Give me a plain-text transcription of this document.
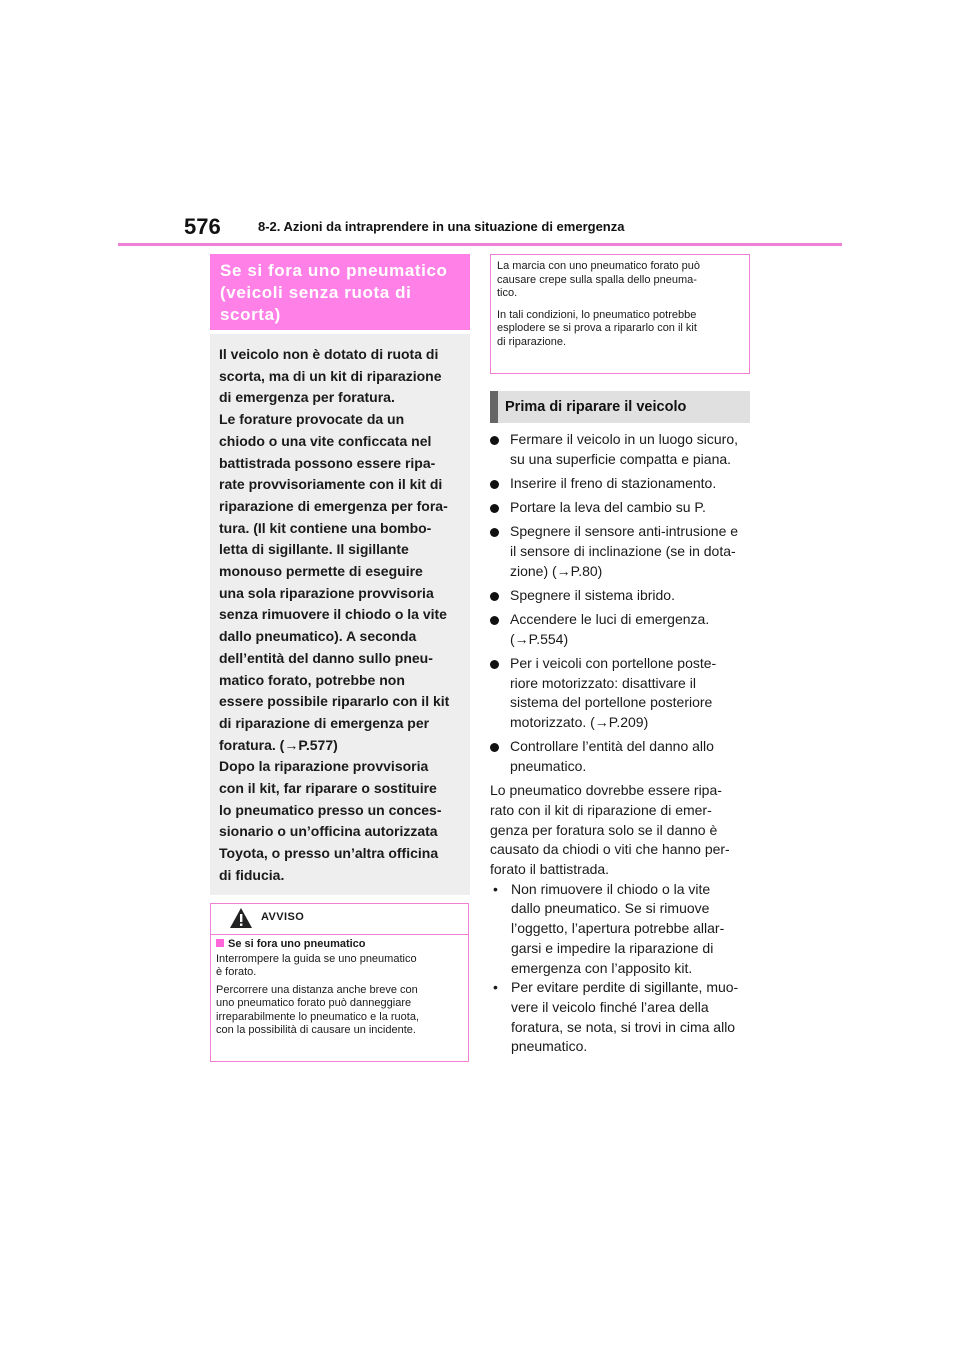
576	8-2. Azioni da intraprendere in una situazione di emergenza
Se si fora uno pneumatico
(veicoli senza ruota di
scorta)
Il veicolo non è dotato di ruota di
scorta, ma di un kit di riparazione
di emergenza per foratura.
Le forature provocate da un
chiodo o una vite conficcata nel
battistrada possono essere ripa-
rate provvisoriamente con il kit di
riparazione di emergenza per fora-
tura. (Il kit contiene una bombo-
letta di sigillante. Il sigillante
monouso permette di eseguire
una sola riparazione provvisoria
senza rimuovere il chiodo o la vite
dallo pneumatico). A seconda
dell’entità del danno sullo pneu-
matico forato, potrebbe non
essere possibile ripararlo con il kit
di riparazione di emergenza per
foratura. (→P.577)
Dopo la riparazione provvisoria
con il kit, far riparare o sostituire
lo pneumatico presso un conces-
sionario o un’officina autorizzata
Toyota, o presso un’altra officina
di fiducia.
AVVISO
Se si fora uno pneumatico
Interrompere la guida se uno pneumatico
è forato.
Percorrere una distanza anche breve con
uno pneumatico forato può danneggiare
irreparabilmente lo pneumatico e la ruota,
con la possibilità di causare un incidente.
La marcia con uno pneumatico forato può
causare crepe sulla spalla dello pneuma-
tico.
In tali condizioni, lo pneumatico potrebbe
esplodere se si prova a ripararlo con il kit
di riparazione.
Prima di riparare il veicolo
Fermare il veicolo in un luogo sicuro,
su una superficie compatta e piana.
Inserire il freno di stazionamento.
Portare la leva del cambio su P.
Spegnere il sensore anti-intrusione e
il sensore di inclinazione (se in dota-
zione) (→P.80)
Spegnere il sistema ibrido.
Accendere le luci di emergenza.
(→P.554)
Per i veicoli con portellone poste-
riore motorizzato: disattivare il
sistema del portellone posteriore
motorizzato. (→P.209)
Controllare l’entità del danno allo
pneumatico.
Lo pneumatico dovrebbe essere ripa-
rato con il kit di riparazione di emer-
genza per foratura solo se il danno è
causato da chiodi o viti che hanno per-
forato il battistrada.
• Non rimuovere il chiodo o la vite
dallo pneumatico. Se si rimuove
l’oggetto, l’apertura potrebbe allar-
garsi e impedire la riparazione di
emergenza con l’apposito kit.
• Per evitare perdite di sigillante, muo-
vere il veicolo finché l’area della
foratura, se nota, si trovi in cima allo
pneumatico.
